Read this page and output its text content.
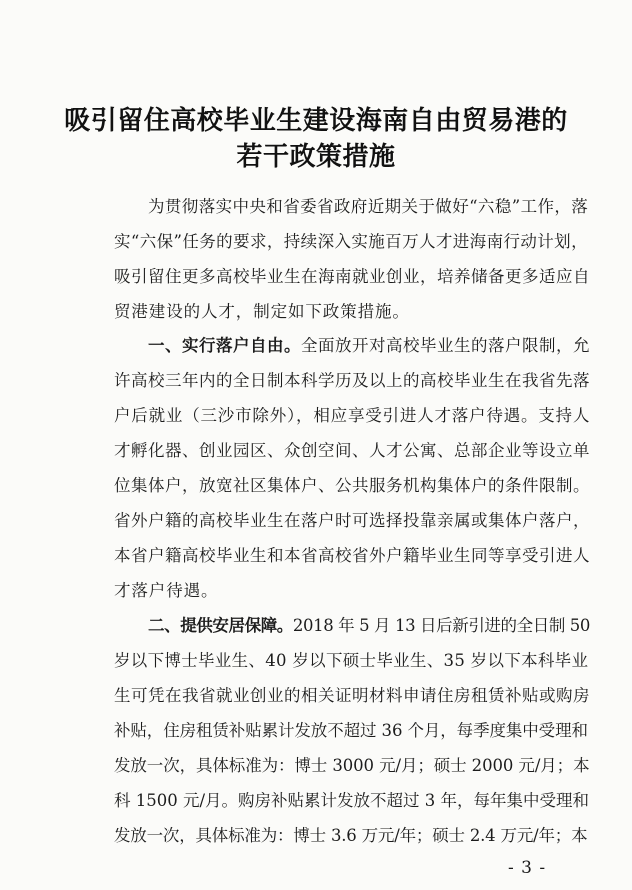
吸引留住高校毕业生建设海南自由贸易港的
若干政策措施
为贯彻落实中央和省委省政府近期关于做好“六稳”工作，落
实“六保”任务的要求，持续深入实施百万人才进海南行动计划，
吸引留住更多高校毕业生在海南就业创业，培养储备更多适应自
贸港建设的人才，制定如下政策措施。
一、实行落户自由。全面放开对高校毕业生的落户限制，允
许高校三年内的全日制本科学历及以上的高校毕业生在我省先落
户后就业（三沙市除外），相应享受引进人才落户待遇。支持人
才孵化器、创业园区、众创空间、人才公寓、总部企业等设立单
位集体户，放宽社区集体户、公共服务机构集体户的条件限制。
省外户籍的高校毕业生在落户时可选择投靠亲属或集体户落户，
本省户籍高校毕业生和本省高校省外户籍毕业生同等享受引进人
才落户待遇。
二、提供安居保障。2018 年 5 月 13 日后新引进的全日制 50
岁以下博士毕业生、40 岁以下硕士毕业生、35 岁以下本科毕业
生可凭在我省就业创业的相关证明材料申请住房租赁补贴或购房
补贴，住房租赁补贴累计发放不超过 36 个月，每季度集中受理和
发放一次，具体标准为：博士 3000 元/月；硕士 2000 元/月；本
科 1500 元/月。购房补贴累计发放不超过 3 年，每年集中受理和
发放一次，具体标准为：博士 3.6 万元/年；硕士 2.4 万元/年；本
- 3 -
